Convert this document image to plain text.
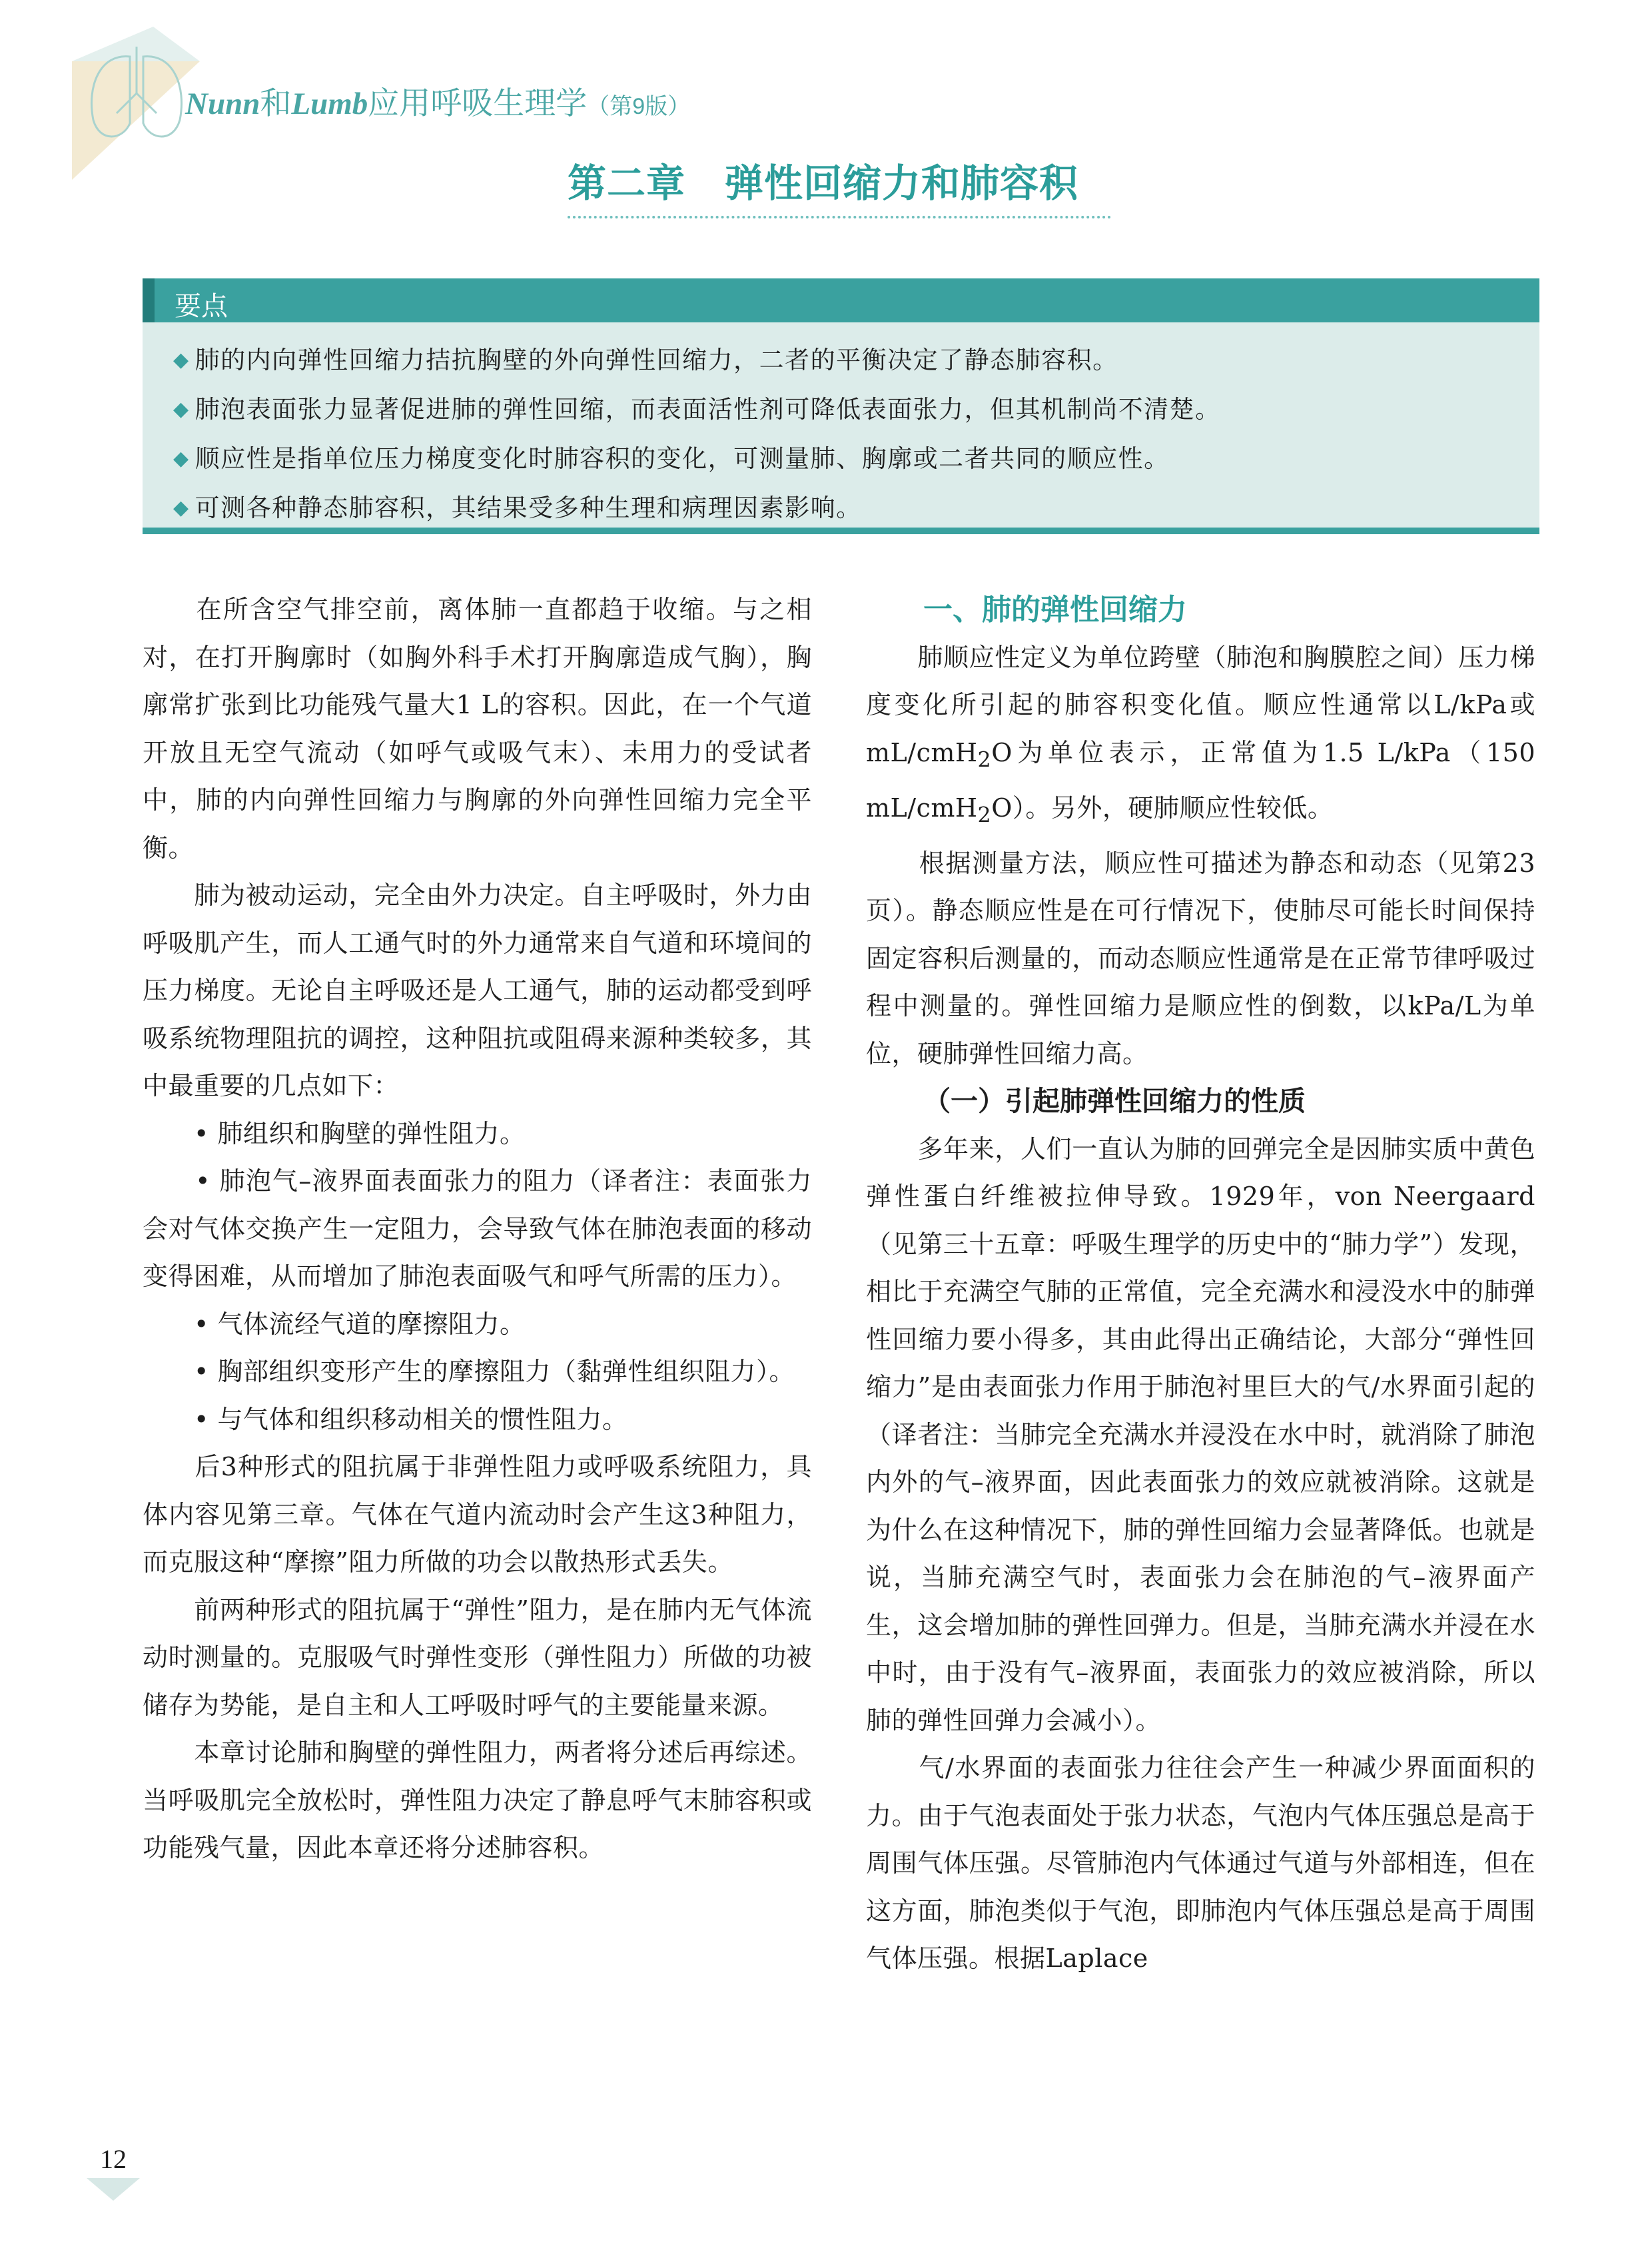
Nunn和Lumb应用呼吸生理学（第9版）
第二章　弹性回缩力和肺容积
要点
◆ 肺的内向弹性回缩力拮抗胸壁的外向弹性回缩力，二者的平衡决定了静态肺容积。
◆ 肺泡表面张力显著促进肺的弹性回缩，而表面活性剂可降低表面张力，但其机制尚不清楚。
◆ 顺应性是指单位压力梯度变化时肺容积的变化，可测量肺、胸廓或二者共同的顺应性。
◆ 可测各种静态肺容积，其结果受多种生理和病理因素影响。

　　在所含空气排空前，离体肺一直都趋于收缩。与之相对，在打开胸廓时（如胸外科手术打开胸廓造成气胸），胸廓常扩张到比功能残气量大1 L的容积。因此，在一个气道开放且无空气流动（如呼气或吸气末）、未用力的受试者中，肺的内向弹性回缩力与胸廓的外向弹性回缩力完全平衡。

　　肺为被动运动，完全由外力决定。自主呼吸时，外力由呼吸肌产生，而人工通气时的外力通常来自气道和环境间的压力梯度。无论自主呼吸还是人工通气，肺的运动都受到呼吸系统物理阻抗的调控，这种阻抗或阻碍来源种类较多，其中最重要的几点如下：

　　• 肺组织和胸壁的弹性阻力。

　　• 肺泡气–液界面表面张力的阻力（译者注：表面张力会对气体交换产生一定阻力，会导致气体在肺泡表面的移动变得困难，从而增加了肺泡表面吸气和呼气所需的压力）。

　　• 气体流经气道的摩擦阻力。

　　• 胸部组织变形产生的摩擦阻力（黏弹性组织阻力）。

　　• 与气体和组织移动相关的惯性阻力。

　　后3种形式的阻抗属于非弹性阻力或呼吸系统阻力，具体内容见第三章。气体在气道内流动时会产生这3种阻力，而克服这种“摩擦”阻力所做的功会以散热形式丢失。

　　前两种形式的阻抗属于“弹性”阻力，是在肺内无气体流动时测量的。克服吸气时弹性变形（弹性阻力）所做的功被储存为势能，是自主和人工呼吸时呼气的主要能量来源。

　　本章讨论肺和胸壁的弹性阻力，两者将分述后再综述。当呼吸肌完全放松时，弹性阻力决定了静息呼气末肺容积或功能残气量，因此本章还将分述肺容积。

一、肺的弹性回缩力

　　肺顺应性定义为单位跨壁（肺泡和胸膜腔之间）压力梯度变化所引起的肺容积变化值。顺应性通常以L/kPa或mL/cmH$_2$O为单位表示，正常值为1.5 L/kPa（150 mL/cmH$_2$O）。另外，硬肺顺应性较低。

　　根据测量方法，顺应性可描述为静态和动态（见第23页）。静态顺应性是在可行情况下，使肺尽可能长时间保持固定容积后测量的，而动态顺应性通常是在正常节律呼吸过程中测量的。弹性回缩力是顺应性的倒数，以kPa/L为单位，硬肺弹性回缩力高。

（一）引起肺弹性回缩力的性质

　　多年来，人们一直认为肺的回弹完全是因肺实质中黄色弹性蛋白纤维被拉伸导致。1929年，von Neergaard（见第三十五章：呼吸生理学的历史中的“肺力学”）发现，相比于充满空气肺的正常值，完全充满水和浸没水中的肺弹性回缩力要小得多，其由此得出正确结论，大部分“弹性回缩力”是由表面张力作用于肺泡衬里巨大的气/水界面引起的（译者注：当肺完全充满水并浸没在水中时，就消除了肺泡内外的气–液界面，因此表面张力的效应就被消除。这就是为什么在这种情况下，肺的弹性回缩力会显著降低。也就是说，当肺充满空气时，表面张力会在肺泡的气–液界面产生，这会增加肺的弹性回弹力。但是，当肺充满水并浸在水中时，由于没有气–液界面，表面张力的效应被消除，所以肺的弹性回弹力会减小）。

　　气/水界面的表面张力往往会产生一种减少界面面积的力。由于气泡表面处于张力状态，气泡内气体压强总是高于周围气体压强。尽管肺泡内气体通过气道与外部相连，但在这方面，肺泡类似于气泡，即肺泡内气体压强总是高于周围气体压强。根据Laplace

12
